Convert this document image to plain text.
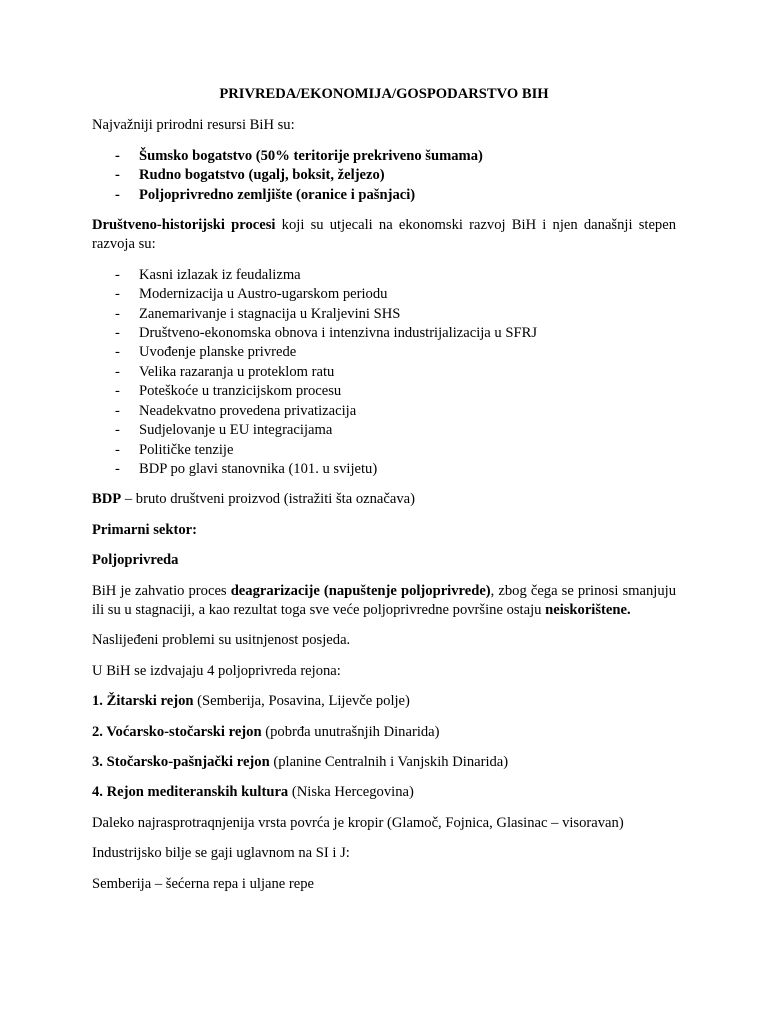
PRIVREDA/EKONOMIJA/GOSPODARSTVO BIH

Najvažniji prirodni resursi BiH su:

- Šumsko bogatstvo (50% teritorije prekriveno šumama)
- Rudno bogatstvo (ugalj, boksit, željezo)
- Poljoprivredno zemljište (oranice i pašnjaci)

Društveno-historijski procesi koji su utjecali na ekonomski razvoj BiH i njen današnji stepen razvoja su:

- Kasni izlazak iz feudalizma
- Modernizacija u Austro-ugarskom periodu
- Zanemarivanje i stagnacija u Kraljevini SHS
- Društveno-ekonomska obnova i intenzivna industrijalizacija u SFRJ
- Uvođenje planske privrede
- Velika razaranja u proteklom ratu
- Poteškoće u tranzicijskom procesu
- Neadekvatno provedena privatizacija
- Sudjelovanje u EU integracijama
- Političke tenzije
- BDP po glavi stanovnika (101. u svijetu)

BDP – bruto društveni proizvod (istražiti šta označava)

Primarni sektor:

Poljoprivreda

BiH je zahvatio proces deagrarizacije (napuštenje poljoprivrede), zbog čega se prinosi smanjuju ili su u stagnaciji, a kao rezultat toga sve veće poljoprivredne površine ostaju neiskorištene.

Naslijeđeni problemi su usitnjenost posjeda.

U BiH se izdvajaju 4 poljoprivreda rejona:

1. Žitarski rejon (Semberija, Posavina, Lijevče polje)

2. Voćarsko-stočarski rejon (pobrđa unutrašnjih Dinarida)

3. Stočarsko-pašnjački rejon (planine Centralnih i Vanjskih Dinarida)

4. Rejon mediteranskih kultura (Niska Hercegovina)

Daleko najrasprotraqnjenija vrsta povrća je kropir (Glamoč, Fojnica, Glasinac – visoravan)

Industrijsko bilje se gaji uglavnom na SI i J:

Semberija – šećerna repa i uljane repe
